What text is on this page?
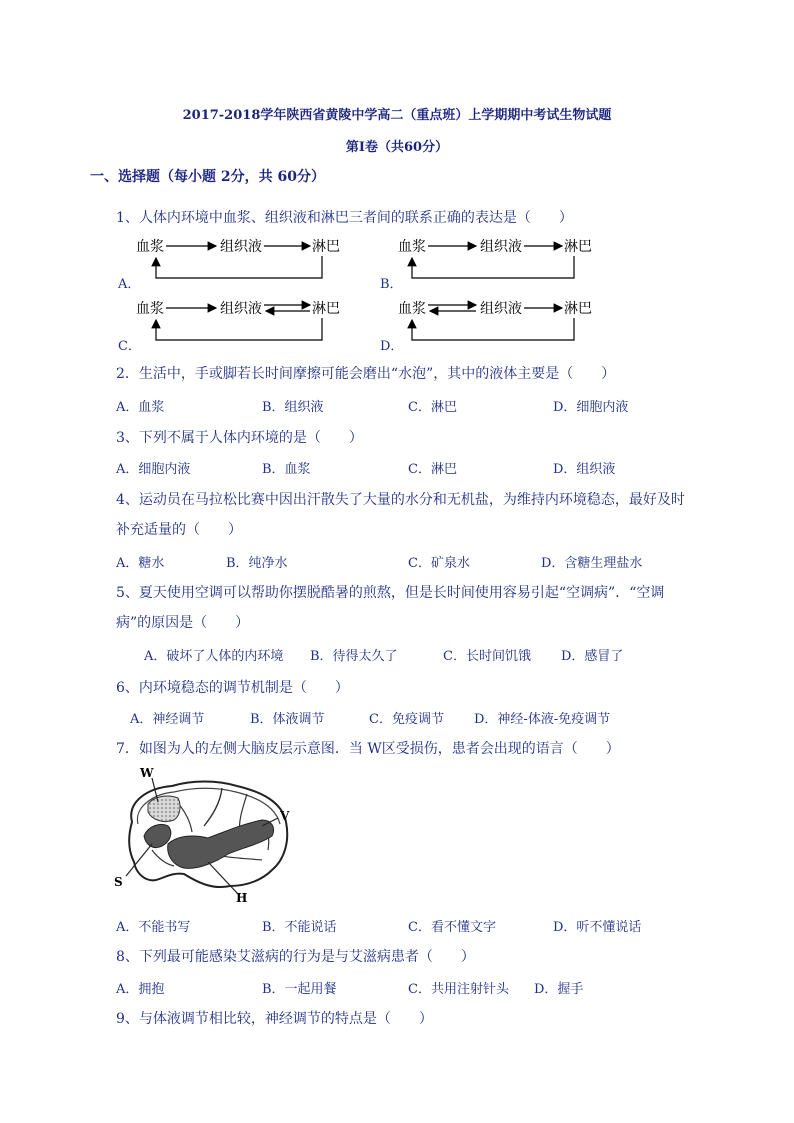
2017-2018学年陕西省黄陵中学高二（重点班）上学期期中考试生物试题
第Ⅰ卷（共60分）
一、选择题（每小题 2分，共 60分）
1、人体内环境中血浆、组织液和淋巴三者间的联系正确的表达是（　　）
A．	B．
C．	D．
血浆	组织液	淋巴	血浆	组织液	淋巴
血浆	组织液	淋巴	血浆	组织液	淋巴
2．生活中，手或脚若长时间摩擦可能会磨出“水泡”，其中的液体主要是（　　）
A．血浆	B．组织液	C．淋巴	D．细胞内液
3、下列不属于人体内环境的是（　　）
A．细胞内液	B．血浆	C．淋巴	D．组织液
4、运动员在马拉松比赛中因出汗散失了大量的水分和无机盐，为维持内环境稳态，最好及时
补充适量的（　　）
A．糖水	B．纯净水	C．矿泉水	D．含糖生理盐水
5、夏天使用空调可以帮助你摆脱酷暑的煎熬，但是长时间使用容易引起“空调病”．“空调
病”的原因是（　　）
A．破坏了人体的内环境 B．待得太久了	C．长时间饥饿 D．感冒了
6、内环境稳态的调节机制是（　　）
A．神经调节	B．体液调节	C．免疫调节 D．神经-体液-免疫调节
7．如图为人的左侧大脑皮层示意图．当 W区受损伤，患者会出现的语言（　　）
W
V
S
H
A．不能书写	B．不能说话	C．看不懂文字	D．听不懂说话
8、下列最可能感染艾滋病的行为是与艾滋病患者（　　）
A．拥抱	B．一起用餐	C．共用注射针头 D．握手
9、与体液调节相比较，神经调节的特点是（　　）
